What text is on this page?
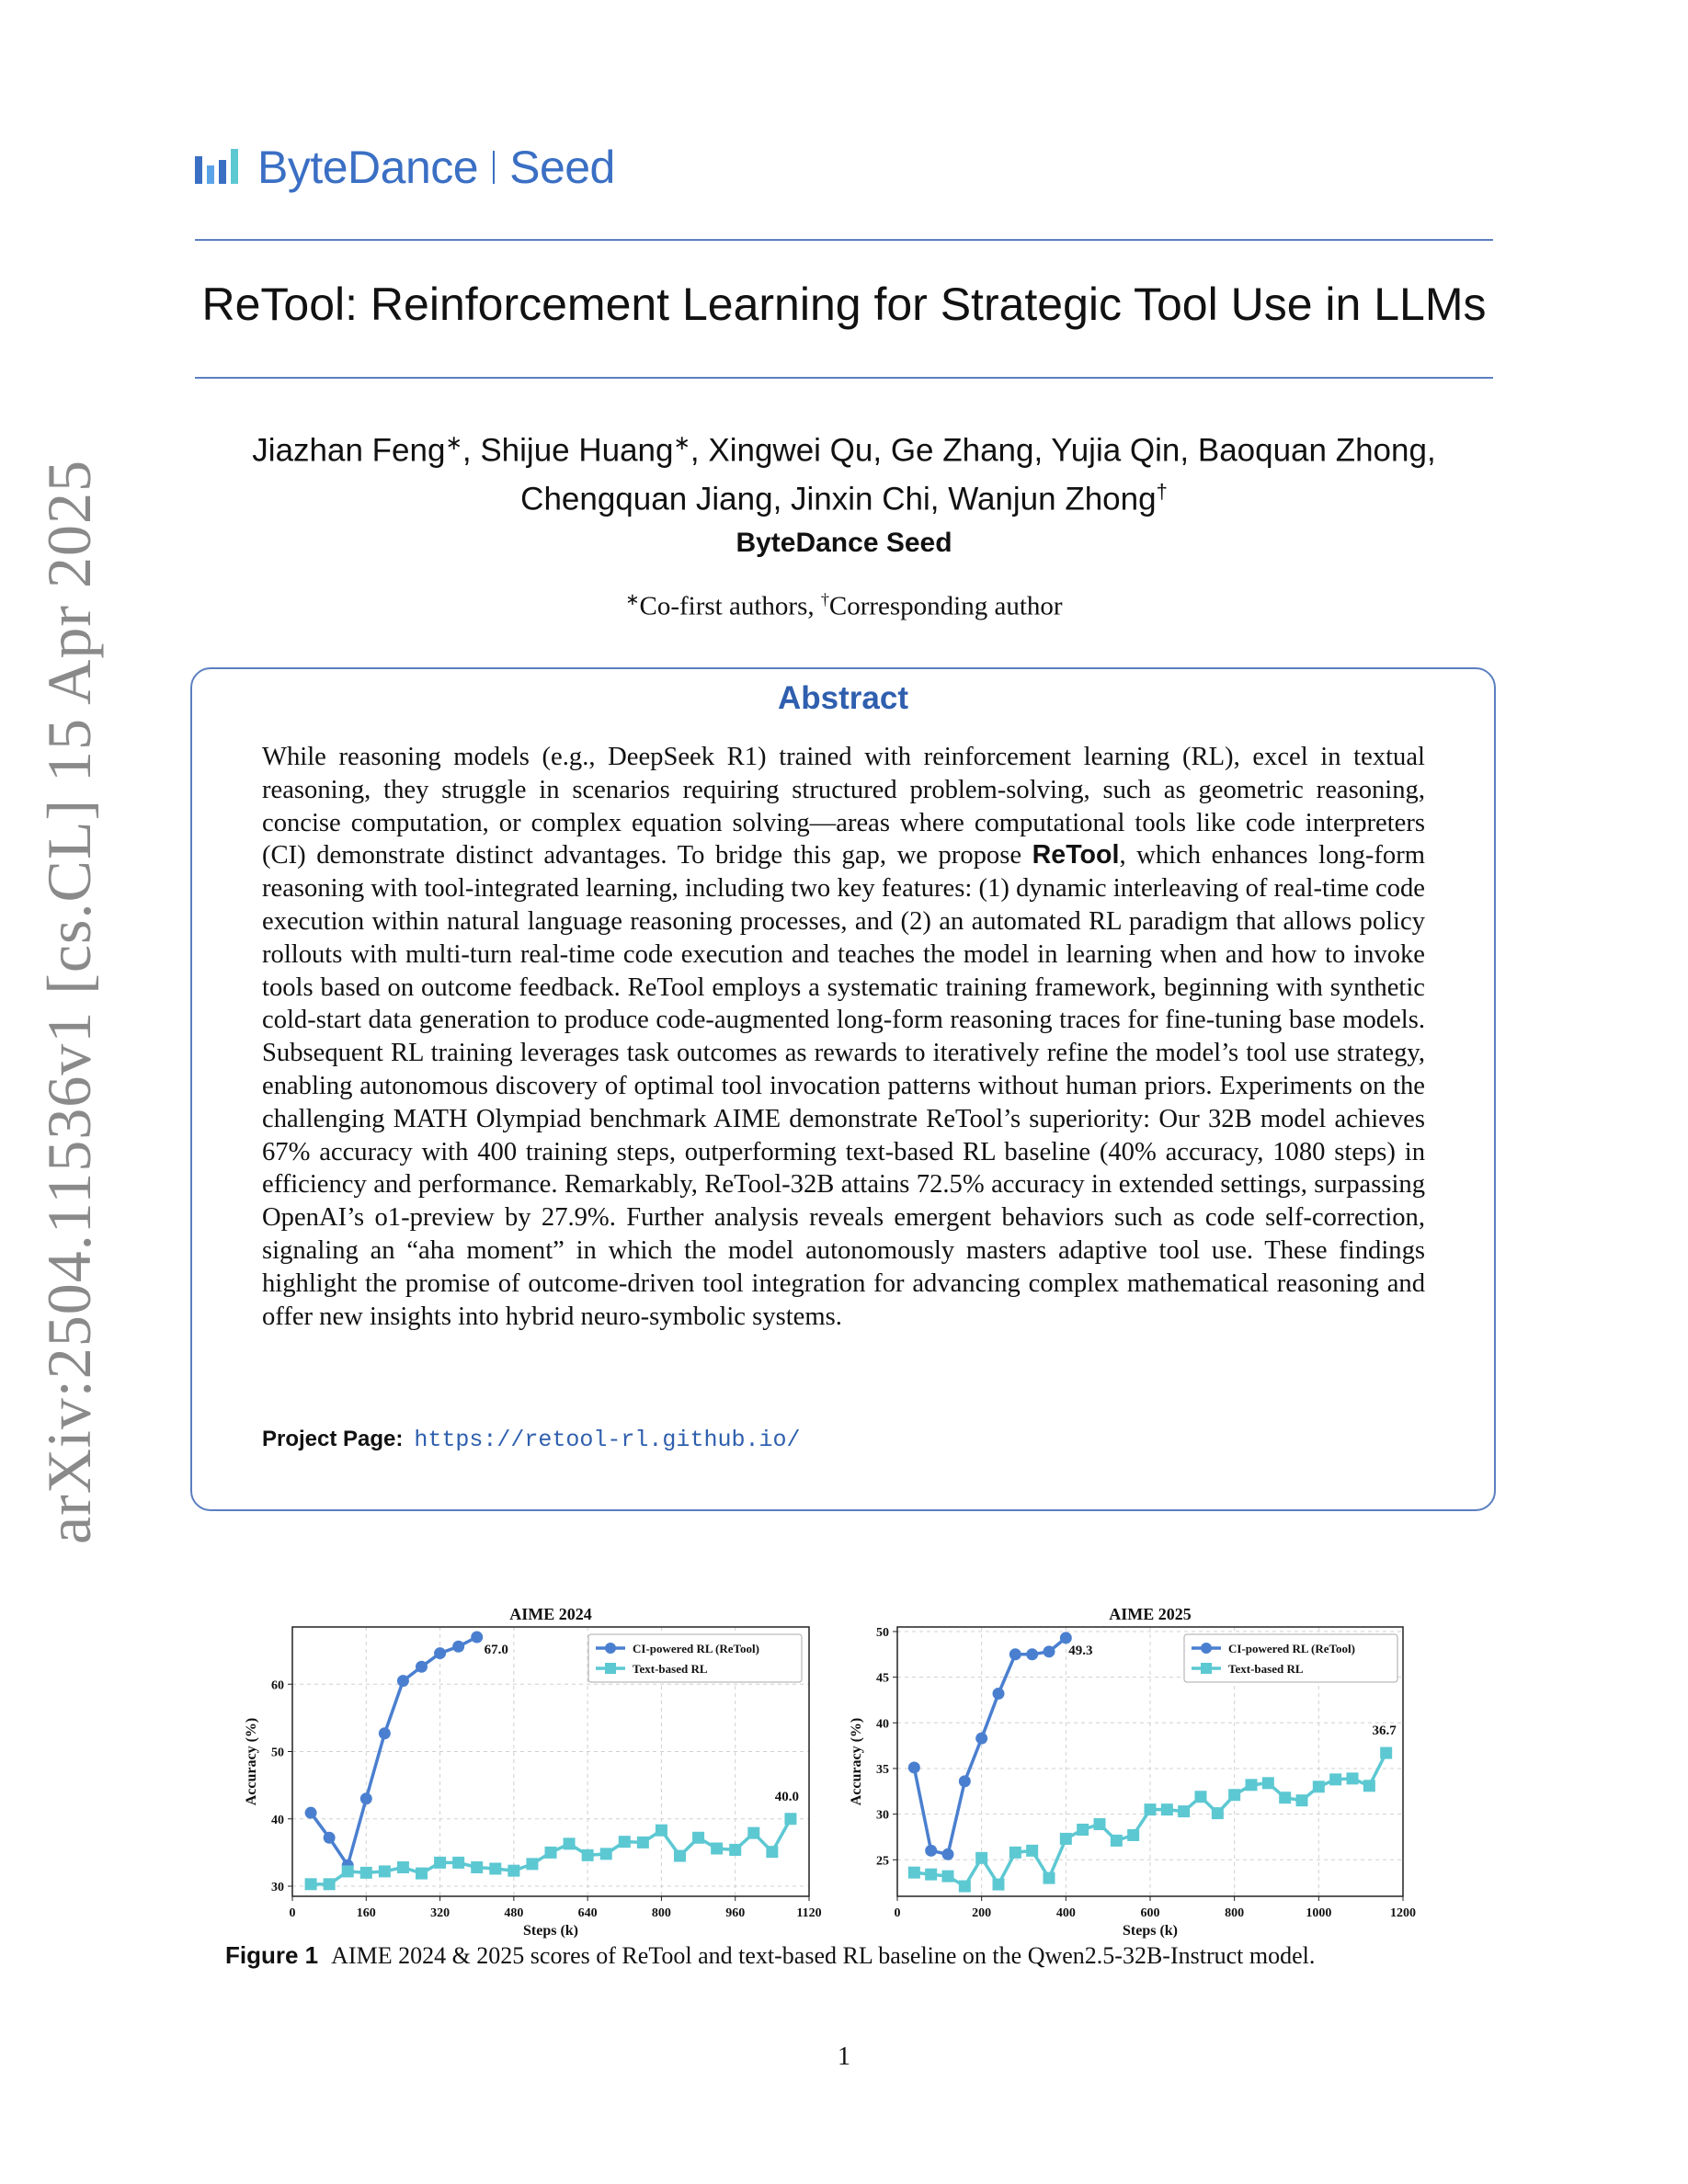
ByteDance Seed
ReTool: Reinforcement Learning for Strategic Tool Use in LLMs
Jiazhan Feng∗, Shijue Huang∗, Xingwei Qu, Ge Zhang, Yujia Qin, Baoquan Zhong,
Chengquan Jiang, Jinxin Chi, Wanjun Zhong†
ByteDance Seed
∗Co-first authors, †Corresponding author
arXiv:2504.11536v1 [cs.CL] 15 Apr 2025	Abstract
While reasoning models (e.g., DeepSeek R1) trained with reinforcement learning (RL), excel in textual reasoning, they struggle in scenarios requiring structured problem-solving, such as geometric reasoning, concise computation, or complex equation solving—areas where computational tools like code interpreters (CI) demonstrate distinct advantages. To bridge this gap, we propose ReTool, which enhances long-form reasoning with tool-integrated learning, including two key features: (1) dynamic interleaving of real-time code execution within natural language reasoning processes, and (2) an automated RL paradigm that allows policy rollouts with multi-turn real-time code execution and teaches the model in learning when and how to invoke tools based on outcome feedback. ReTool employs a systematic training framework, beginning with synthetic cold-start data generation to produce code-augmented long-form reasoning traces for fine-tuning base models. Subsequent RL training leverages task outcomes as rewards to iteratively refine the model’s tool use strategy, enabling autonomous discovery of optimal tool invocation patterns without human priors. Experiments on the challenging MATH Olympiad benchmark AIME demonstrate ReTool’s superiority: Our 32B model achieves 67% accuracy with 400 training steps, outperforming text-based RL baseline (40% accuracy, 1080 steps) in efficiency and performance. Remarkably, ReTool-32B attains 72.5% accuracy in extended settings, surpassing OpenAI’s o1-preview by 27.9%. Further analysis reveals emergent behaviors such as code self-correction, signaling an “aha moment” in which the model autonomously masters adaptive tool use. These findings highlight the promise of outcome-driven tool integration for advancing complex mathematical reasoning and offer new insights into hybrid neuro-symbolic systems.
Project Page: https://retool-rl.github.io/
0	160	320	480	640	800	960	1120
30
40
50
60
AIME 2024
Steps (k)
Accuracy (%)
67.0
40.0
CI-powered RL (ReTool)
Text-based RL
0	200	400	600	800	1000	1200
25
30
35
40
45
50
AIME 2025
Steps (k)
Accuracy (%)
49.3
36.7
CI-powered RL (ReTool)
Text-based RL
Figure 1 AIME 2024 & 2025 scores of ReTool and text-based RL baseline on the Qwen2.5-32B-Instruct model.
1
